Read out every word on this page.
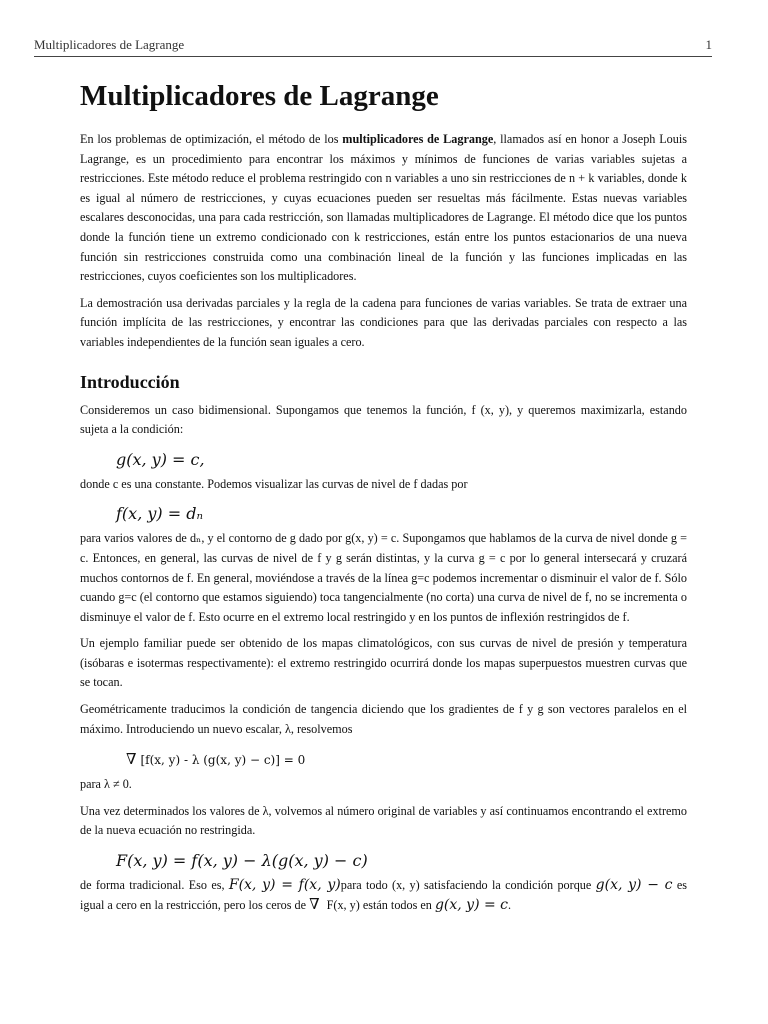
Multiplicadores de Lagrange	1
Multiplicadores de Lagrange

En los problemas de optimización, el método de los multiplicadores de Lagrange, llamados así en honor a Joseph Louis Lagrange, es un procedimiento para encontrar los máximos y mínimos de funciones de varias variables sujetas a restricciones. Este método reduce el problema restringido con n variables a uno sin restricciones de n + k variables, donde k es igual al número de restricciones, y cuyas ecuaciones pueden ser resueltas más fácilmente. Estas nuevas variables escalares desconocidas, una para cada restricción, son llamadas multiplicadores de Lagrange. El método dice que los puntos donde la función tiene un extremo condicionado con k restricciones, están entre los puntos estacionarios de una nueva función sin restricciones construida como una combinación lineal de la función y las funciones implicadas en las restricciones, cuyos coeficientes son los multiplicadores.

La demostración usa derivadas parciales y la regla de la cadena para funciones de varias variables. Se trata de extraer una función implícita de las restricciones, y encontrar las condiciones para que las derivadas parciales con respecto a las variables independientes de la función sean iguales a cero.

Introducción

Consideremos un caso bidimensional. Supongamos que tenemos la función, f (x, y), y queremos maximizarla, estando sujeta a la condición:

g(x, y) = c,

donde c es una constante. Podemos visualizar las curvas de nivel de f dadas por

f(x, y) = dₙ

para varios valores de dₙ, y el contorno de g dado por g(x, y) = c. Supongamos que hablamos de la curva de nivel donde g = c. Entonces, en general, las curvas de nivel de f y g serán distintas, y la curva g = c por lo general intersecará y cruzará muchos contornos de f. En general, moviéndose a través de la línea g=c podemos incrementar o disminuir el valor de f. Sólo cuando g=c (el contorno que estamos siguiendo) toca tangencialmente (no corta) una curva de nivel de f, no se incrementa o disminuye el valor de f. Esto ocurre en el extremo local restringido y en los puntos de inflexión restringidos de f.

Un ejemplo familiar puede ser obtenido de los mapas climatológicos, con sus curvas de nivel de presión y temperatura (isóbaras e isotermas respectivamente): el extremo restringido ocurrirá donde los mapas superpuestos muestren curvas que se tocan.

Geométricamente traducimos la condición de tangencia diciendo que los gradientes de f y g son vectores paralelos en el máximo. Introduciendo un nuevo escalar, λ, resolvemos

∇ [f(x, y) - λ (g(x, y) − c)] = 0

para λ ≠ 0.

Una vez determinados los valores de λ, volvemos al número original de variables y así continuamos encontrando el extremo de la nueva ecuación no restringida.

F(x, y) = f(x, y) − λ(g(x, y) − c)

de forma tradicional. Eso es, F(x, y) = f(x, y)para todo (x, y) satisfaciendo la condición porque g(x, y) − c es igual a cero en la restricción, pero los ceros de ∇ F(x, y) están todos en g(x, y) = c.
